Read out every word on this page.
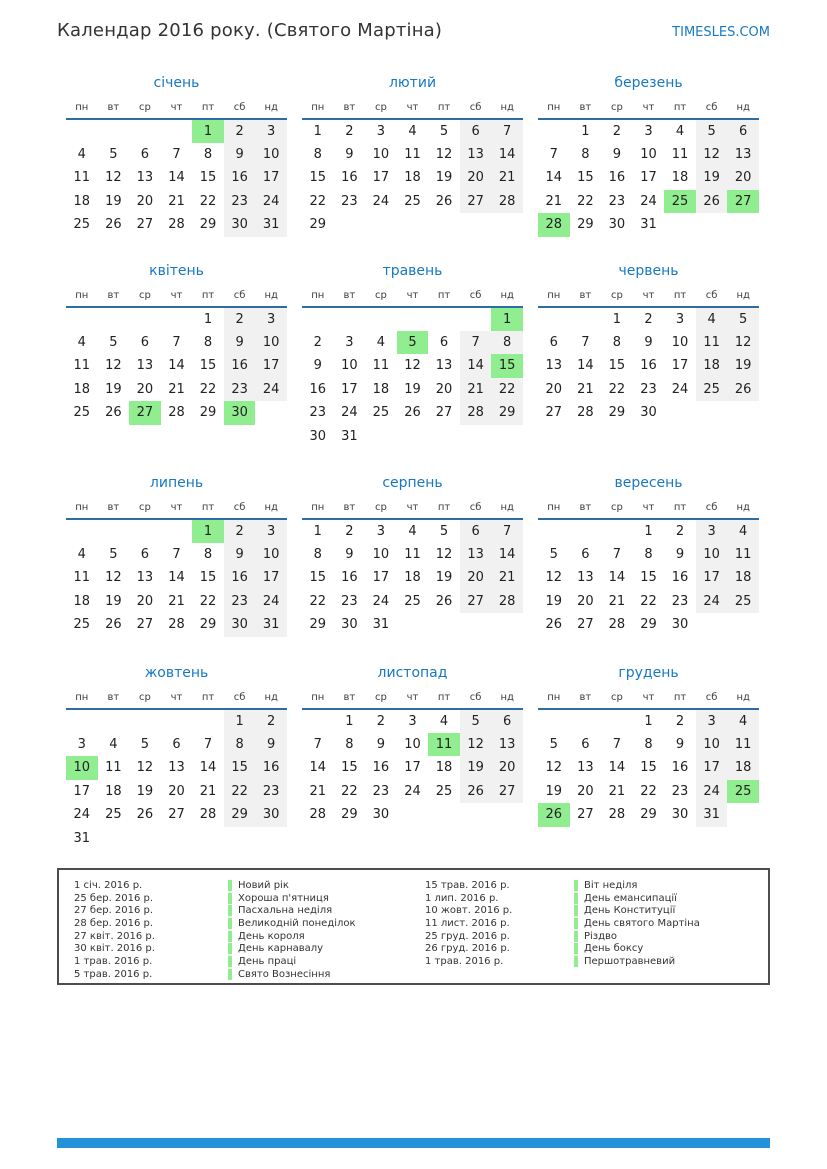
Календар 2016 року. (Святого Мартіна)	TIMESLES.COM
січень
пн	вт	ср	чт	пт	сб	нд
				1	2	3
4	5	6	7	8	9	10
11	12	13	14	15	16	17
18	19	20	21	22	23	24
25	26	27	28	29	30	31
лютий
пн	вт	ср	чт	пт	сб	нд
1	2	3	4	5	6	7
8	9	10	11	12	13	14
15	16	17	18	19	20	21
22	23	24	25	26	27	28
29						
березень
пн	вт	ср	чт	пт	сб	нд
	1	2	3	4	5	6
7	8	9	10	11	12	13
14	15	16	17	18	19	20
21	22	23	24	25	26	27
28	29	30	31			
квітень
пн	вт	ср	чт	пт	сб	нд
				1	2	3
4	5	6	7	8	9	10
11	12	13	14	15	16	17
18	19	20	21	22	23	24
25	26	27	28	29	30	
травень
пн	вт	ср	чт	пт	сб	нд
						1
2	3	4	5	6	7	8
9	10	11	12	13	14	15
16	17	18	19	20	21	22
23	24	25	26	27	28	29
30	31					
червень
пн	вт	ср	чт	пт	сб	нд
		1	2	3	4	5
6	7	8	9	10	11	12
13	14	15	16	17	18	19
20	21	22	23	24	25	26
27	28	29	30			
липень
пн	вт	ср	чт	пт	сб	нд
				1	2	3
4	5	6	7	8	9	10
11	12	13	14	15	16	17
18	19	20	21	22	23	24
25	26	27	28	29	30	31
серпень
пн	вт	ср	чт	пт	сб	нд
1	2	3	4	5	6	7
8	9	10	11	12	13	14
15	16	17	18	19	20	21
22	23	24	25	26	27	28
29	30	31				
вересень
пн	вт	ср	чт	пт	сб	нд
			1	2	3	4
5	6	7	8	9	10	11
12	13	14	15	16	17	18
19	20	21	22	23	24	25
26	27	28	29	30		
жовтень
пн	вт	ср	чт	пт	сб	нд
					1	2
3	4	5	6	7	8	9
10	11	12	13	14	15	16
17	18	19	20	21	22	23
24	25	26	27	28	29	30
31						
листопад
пн	вт	ср	чт	пт	сб	нд
	1	2	3	4	5	6
7	8	9	10	11	12	13
14	15	16	17	18	19	20
21	22	23	24	25	26	27
28	29	30				
грудень
пн	вт	ср	чт	пт	сб	нд
			1	2	3	4
5	6	7	8	9	10	11
12	13	14	15	16	17	18
19	20	21	22	23	24	25
26	27	28	29	30	31	
1 січ. 2016 р.	Новий рік
25 бер. 2016 р.	Хороша п'ятниця
27 бер. 2016 р.	Пасхальна неділя
28 бер. 2016 р.	Великодній понеділок
27 квіт. 2016 р.	День короля
30 квіт. 2016 р.	День карнавалу
1 трав. 2016 р.	День праці
5 трав. 2016 р.	Свято Вознесіння
15 трав. 2016 р.	Віт неділя
1 лип. 2016 р.	День емансипації
10 жовт. 2016 р.	День Конституції
11 лист. 2016 р.	День святого Мартіна
25 груд. 2016 р.	Різдво
26 груд. 2016 р.	День боксу
1 трав. 2016 р.	Першотравневий
